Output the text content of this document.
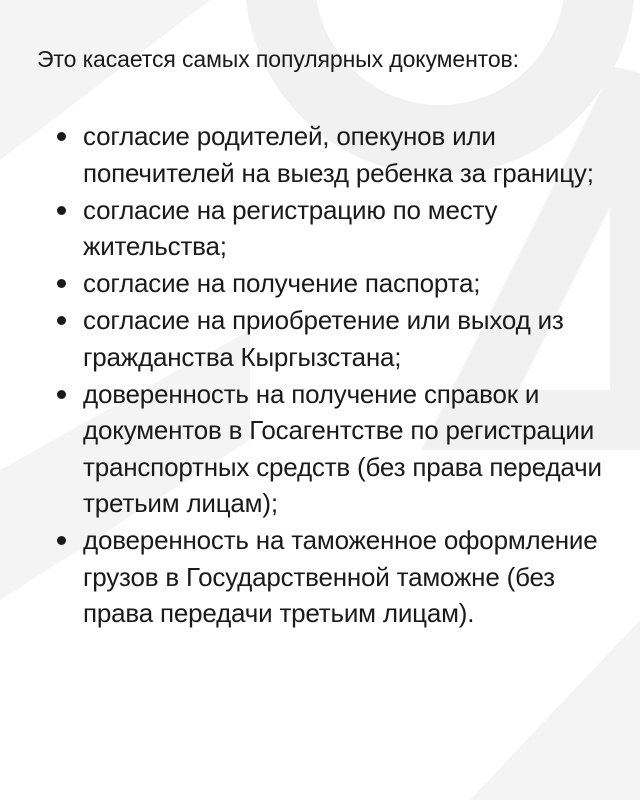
Это касается самых популярных документов:

согласие родителей, опекунов или попечителей на выезд ребенка за границу;
согласие на регистрацию по месту жительства;
согласие на получение паспорта;
согласие на приобретение или выход из гражданства Кыргызстана;
доверенность на получение справок и документов в Госагентстве по регистрации транспортных средств (без права передачи третьим лицам);
доверенность на таможенное оформление грузов в Государственной таможне (без права передачи третьим лицам).
